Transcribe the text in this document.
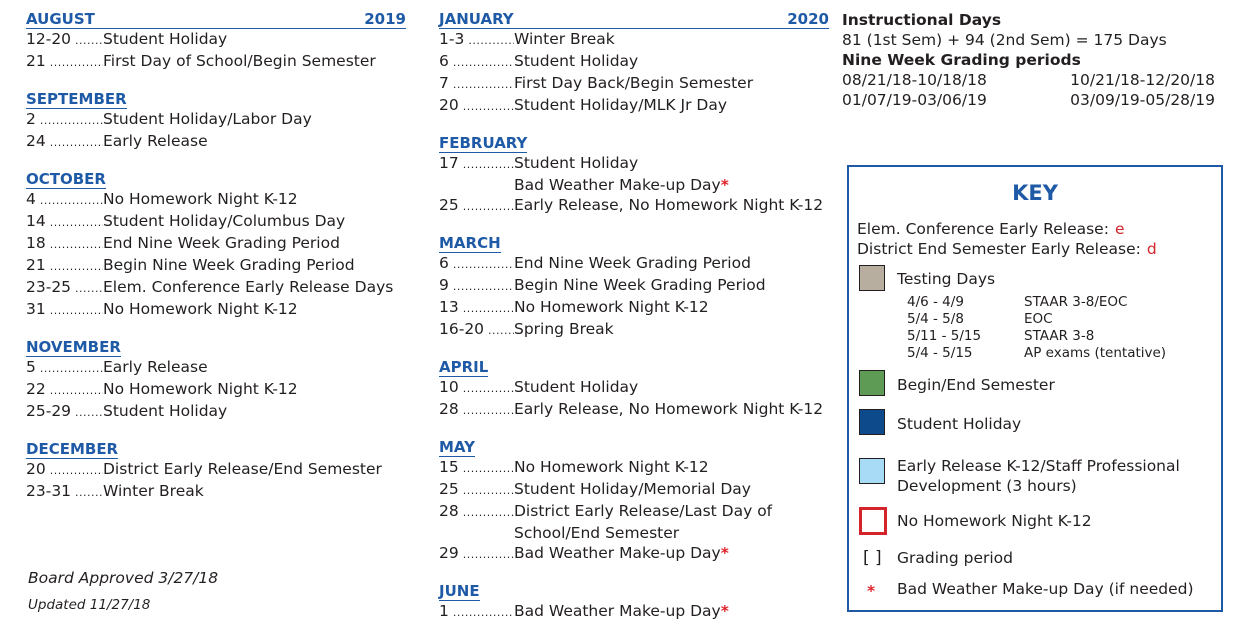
AUGUST	2019
12-20 .....	Student Holiday
21 .....	First Day of School/Begin Semester
SEPTEMBER
2 .....	Student Holiday/Labor Day
24 .....	Early Release
OCTOBER
4 .....	No Homework Night K-12
14 .....	Student Holiday/Columbus Day
18 .....	End Nine Week Grading Period
21 .....	Begin Nine Week Grading Period
23-25 .....	Elem. Conference Early Release Days
31 .....	No Homework Night K-12
NOVEMBER
5 .....	Early Release
22 .....	No Homework Night K-12
25-29 .....	Student Holiday
DECEMBER
20 .....	District Early Release/End Semester
23-31 .....	Winter Break
JANUARY	2020
1-3 .....	Winter Break
6 .....	Student Holiday
7 .....	First Day Back/Begin Semester
20 .....	Student Holiday/MLK Jr Day
FEBRUARY
17 .....	Student Holiday
Bad Weather Make-up Day *
25 .....	Early Release, No Homework Night K-12
MARCH
6 .....	End Nine Week Grading Period
9 .....	Begin Nine Week Grading Period
13 .....	No Homework Night K-12
16-20 .....	Spring Break
APRIL
10 .....	Student Holiday
28 .....	Early Release, No Homework Night K-12
MAY
15 .....	No Homework Night K-12
25 .....	Student Holiday/Memorial Day
28 .....	District Early Release/Last Day of
School/End Semester
29 .....	Bad Weather Make-up Day *
JUNE
1 .....	Bad Weather Make-up Day *
Instructional Days
81 (1st Sem) + 94 (2nd Sem) = 175 Days
Nine Week Grading periods
08/21/18-10/18/18	10/21/18-12/20/18
01/07/19-03/06/19	03/09/19-05/28/19
KEY
Elem. Conference Early Release: e
District End Semester Early Release: d
Testing Days
4/6 - 4/9	STAAR 3-8/EOC
5/4 - 5/8	EOC
5/11 - 5/15	STAAR 3-8
5/4 - 5/15	AP exams (tentative)
Begin/End Semester
Student Holiday
Early Release K-12/Staff Professional
Development (3 hours)
No Homework Night K-12
[ ] Grading period
* Bad Weather Make-up Day (if needed)
Board Approved 3/27/18
Updated 11/27/18
